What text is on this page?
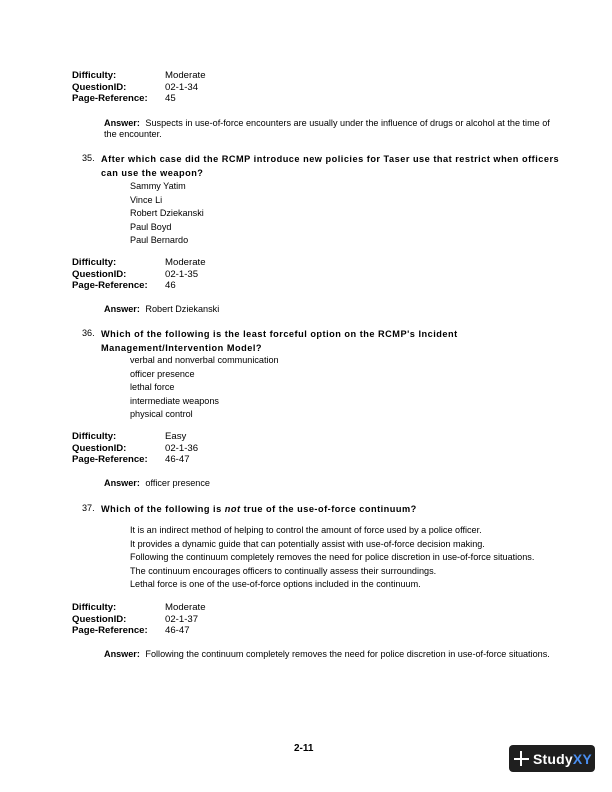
Difficulty:	Moderate
QuestionID:	02-1-34
Page-Reference:	45
Answer: Suspects in use-of-force encounters are usually under the influence of drugs or alcohol at the time of the encounter.
35. After which case did the RCMP introduce new policies for Taser use that restrict when officers can use the weapon?
Sammy Yatim
Vince Li
Robert Dziekanski
Paul Boyd
Paul Bernardo
Difficulty:	Moderate
QuestionID:	02-1-35
Page-Reference:	46
Answer: Robert Dziekanski
36. Which of the following is the least forceful option on the RCMP's Incident Management/Intervention Model?
verbal and nonverbal communication
officer presence
lethal force
intermediate weapons
physical control
Difficulty:	Easy
QuestionID:	02-1-36
Page-Reference:	46-47
Answer: officer presence
37. Which of the following is not true of the use-of-force continuum?
It is an indirect method of helping to control the amount of force used by a police officer.
It provides a dynamic guide that can potentially assist with use-of-force decision making.
Following the continuum completely removes the need for police discretion in use-of-force situations.
The continuum encourages officers to continually assess their surroundings.
Lethal force is one of the use-of-force options included in the continuum.
Difficulty:	Moderate
QuestionID:	02-1-37
Page-Reference:	46-47
Answer: Following the continuum completely removes the need for police discretion in use-of-force situations.
2-11
StudyXY
